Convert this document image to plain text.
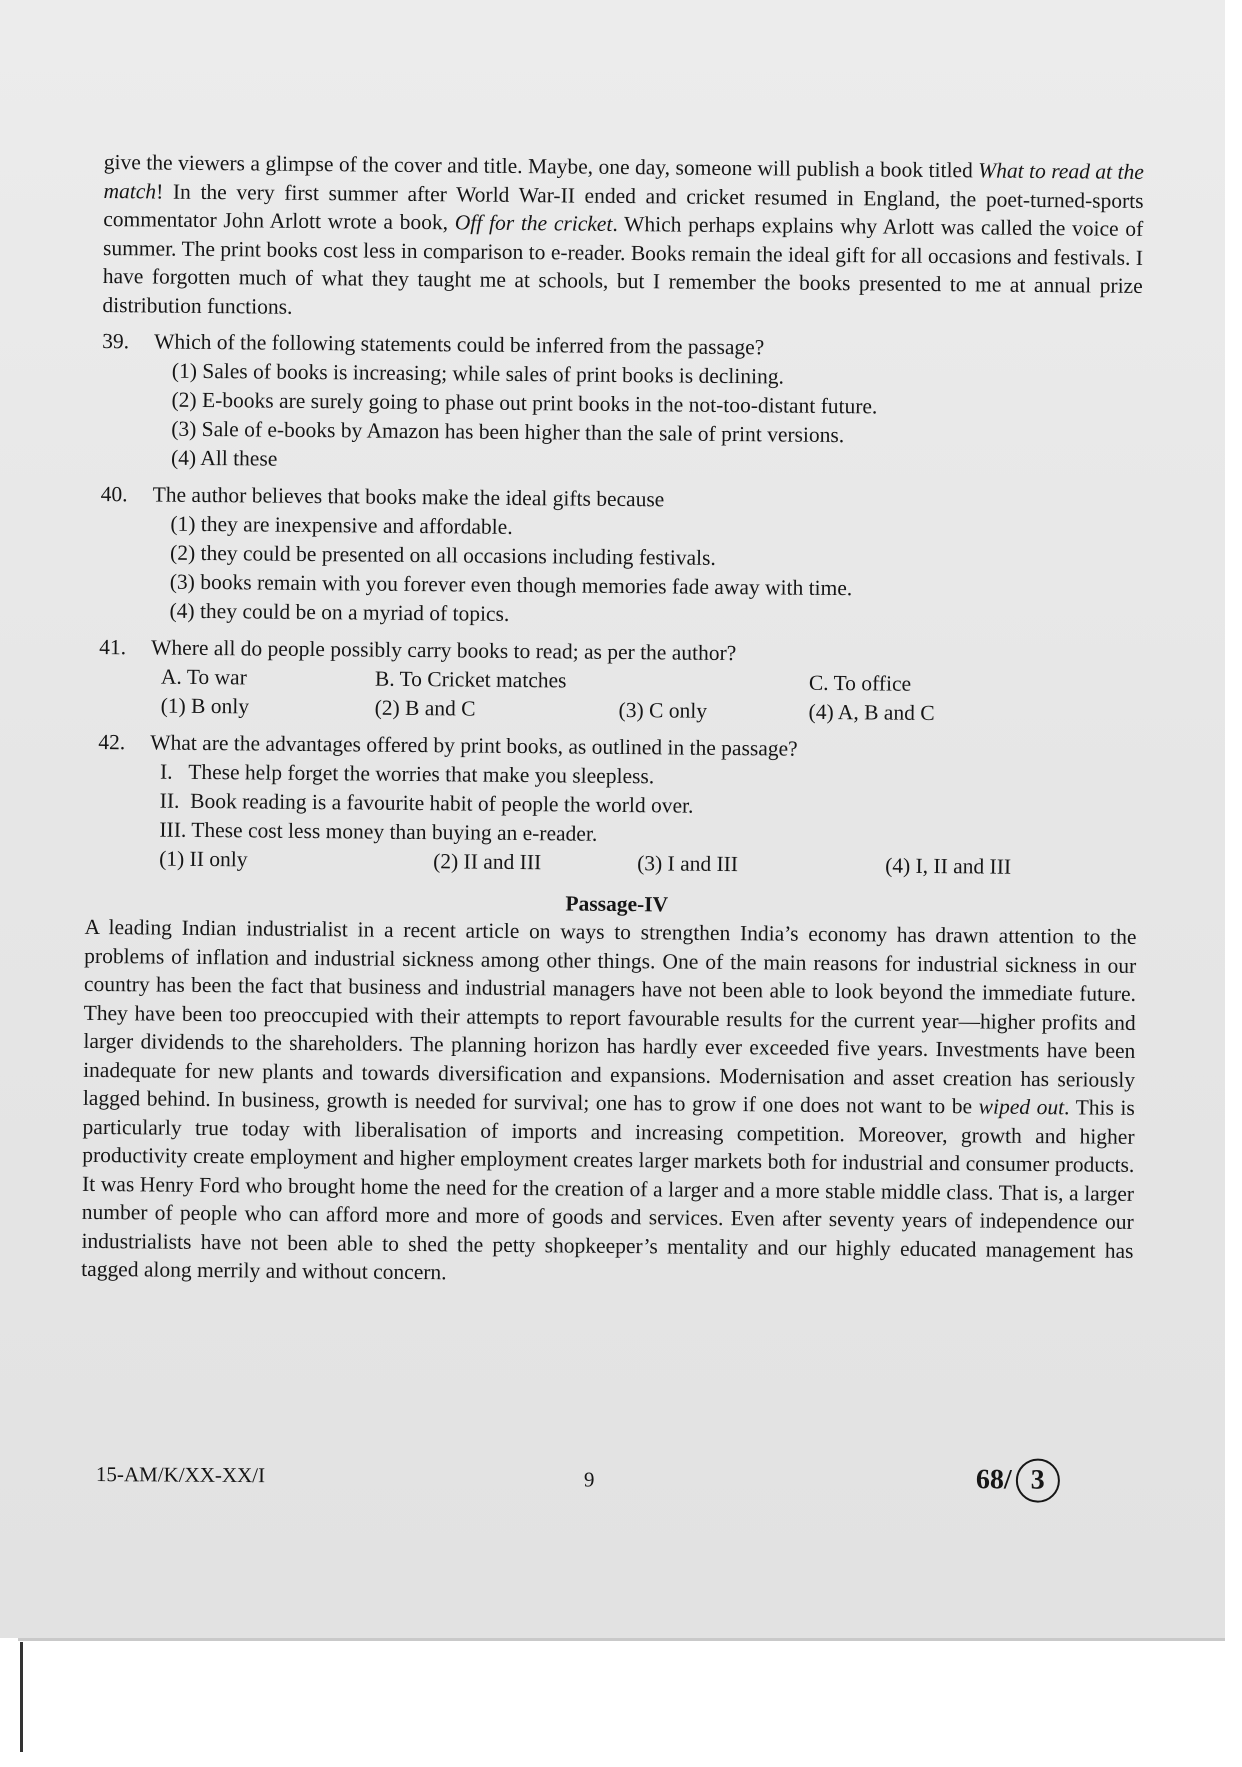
give the viewers a glimpse of the cover and title. Maybe, one day, someone will publish a book titled What to read at the match! In the very first summer after World War-II ended and cricket resumed in England, the poet-turned-sports commentator John Arlott wrote a book, Off for the cricket. Which perhaps explains why Arlott was called the voice of summer. The print books cost less in comparison to e-reader. Books remain the ideal gift for all occasions and festivals. I have forgotten much of what they taught me at schools, but I remember the books presented to me at annual prize distribution functions.

39. Which of the following statements could be inferred from the passage?
(1) Sales of books is increasing; while sales of print books is declining.
(2) E-books are surely going to phase out print books in the not-too-distant future.
(3) Sale of e-books by Amazon has been higher than the sale of print versions.
(4) All these
40. The author believes that books make the ideal gifts because
(1) they are inexpensive and affordable.
(2) they could be presented on all occasions including festivals.
(3) books remain with you forever even though memories fade away with time.
(4) they could be on a myriad of topics.
41. Where all do people possibly carry books to read; as per the author?
A. To war	B. To Cricket matches	C. To office
(1) B only	(2) B and C	(3) C only	(4) A, B and C
42. What are the advantages offered by print books, as outlined in the passage?
I.   These help forget the worries that make you sleepless.
II.  Book reading is a favourite habit of people the world over.
III. These cost less money than buying an e-reader.
(1) II only	(2) II and III	(3) I and III	(4) I, II and III
Passage-IV

A leading Indian industrialist in a recent article on ways to strengthen India’s economy has drawn attention to the problems of inflation and industrial sickness among other things. One of the main reasons for industrial sickness in our country has been the fact that business and industrial managers have not been able to look beyond the immediate future. They have been too preoccupied with their attempts to report favourable results for the current year—higher profits and larger dividends to the shareholders. The planning horizon has hardly ever exceeded five years. Investments have been inadequate for new plants and towards diversification and expansions. Modernisation and asset creation has seriously lagged behind. In business, growth is needed for survival; one has to grow if one does not want to be wiped out. This is particularly true today with liberalisation of imports and increasing competition. Moreover, growth and higher productivity create employment and higher employment creates larger markets both for industrial and consumer products. It was Henry Ford who brought home the need for the creation of a larger and a more stable middle class. That is, a larger number of people who can afford more and more of goods and services. Even after seventy years of independence our industrialists have not been able to shed the petty shopkeeper’s mentality and our highly educated management has tagged along merrily and without concern.

15-AM/K/XX-XX/I	9	68/ 3
